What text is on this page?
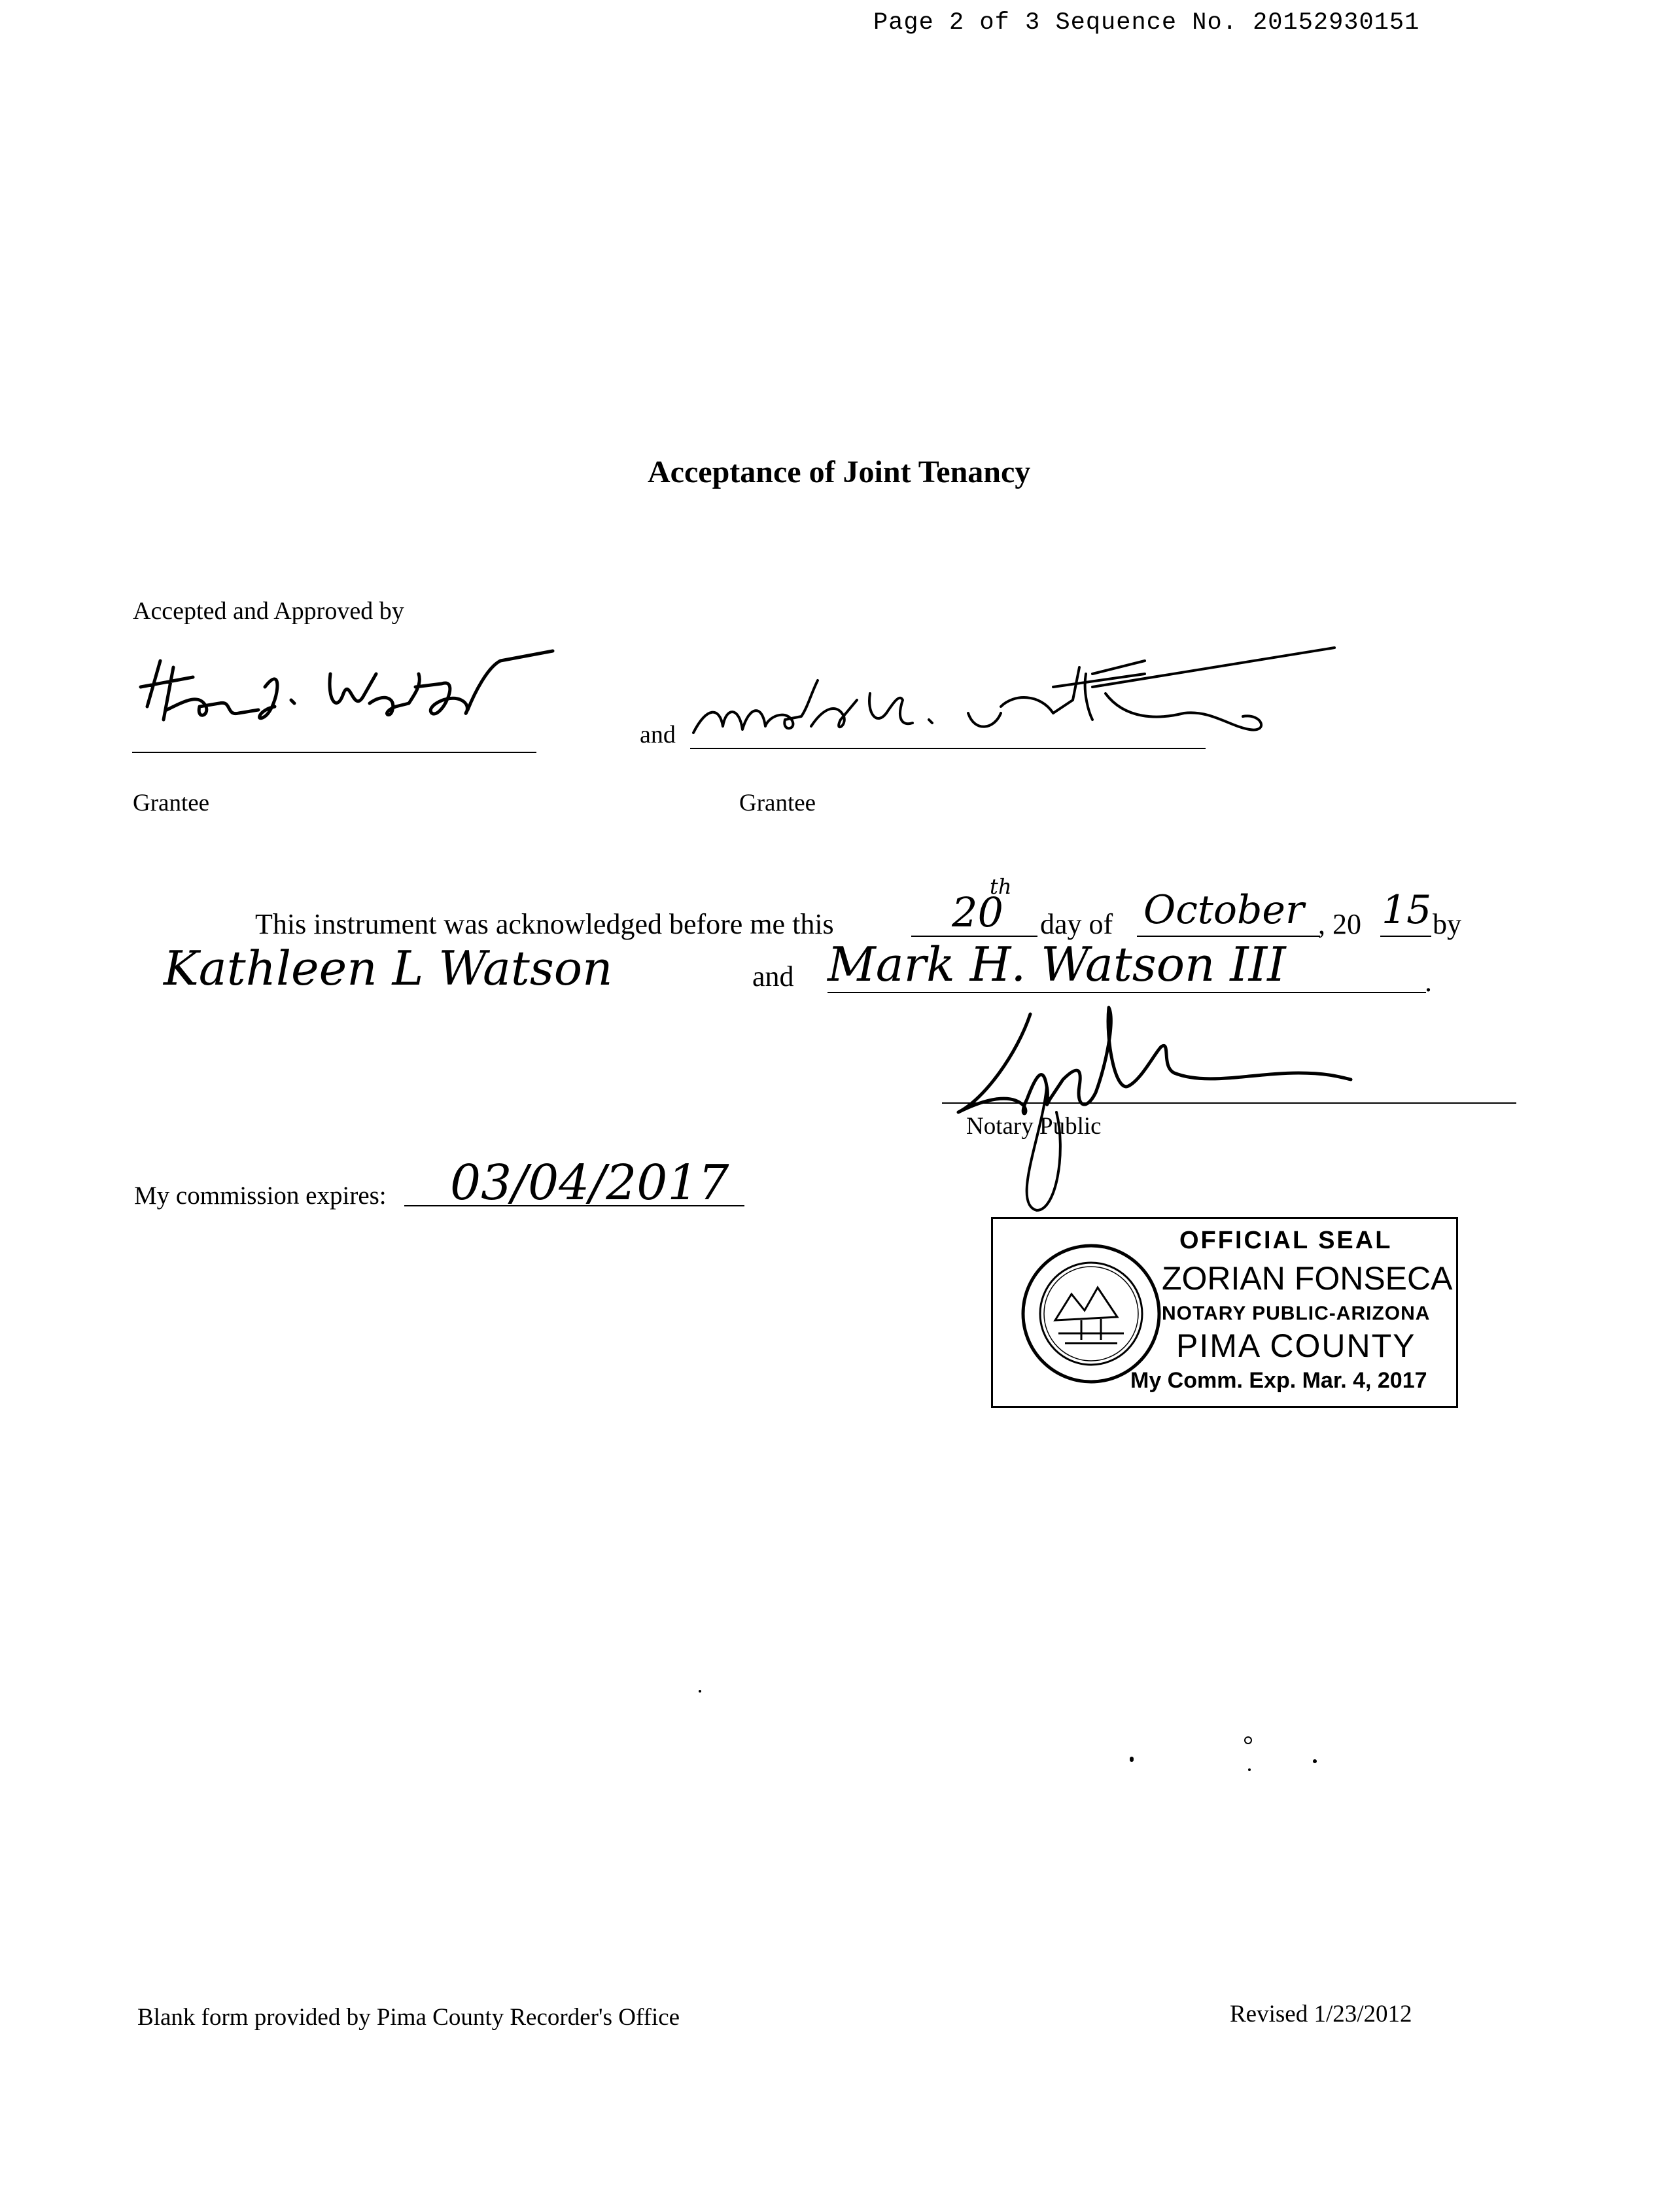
Page 2 of 3 Sequence No. 20152930151
Acceptance of Joint Tenancy
Accepted and Approved by
Grantee
and
Grantee
This instrument was acknowledged before me this	20
th
day of October , 20 15 by
Kathleen L Watson	and Mark H. Watson III	.
Notary Public
My commission expires: 03/04/2017
OFFICIAL SEAL
ZORIAN FONSECA
NOTARY PUBLIC-ARIZONA
PIMA COUNTY
My Comm. Exp. Mar. 4, 2017
Blank form provided by Pima County Recorder's Office	Revised 1/23/2012
